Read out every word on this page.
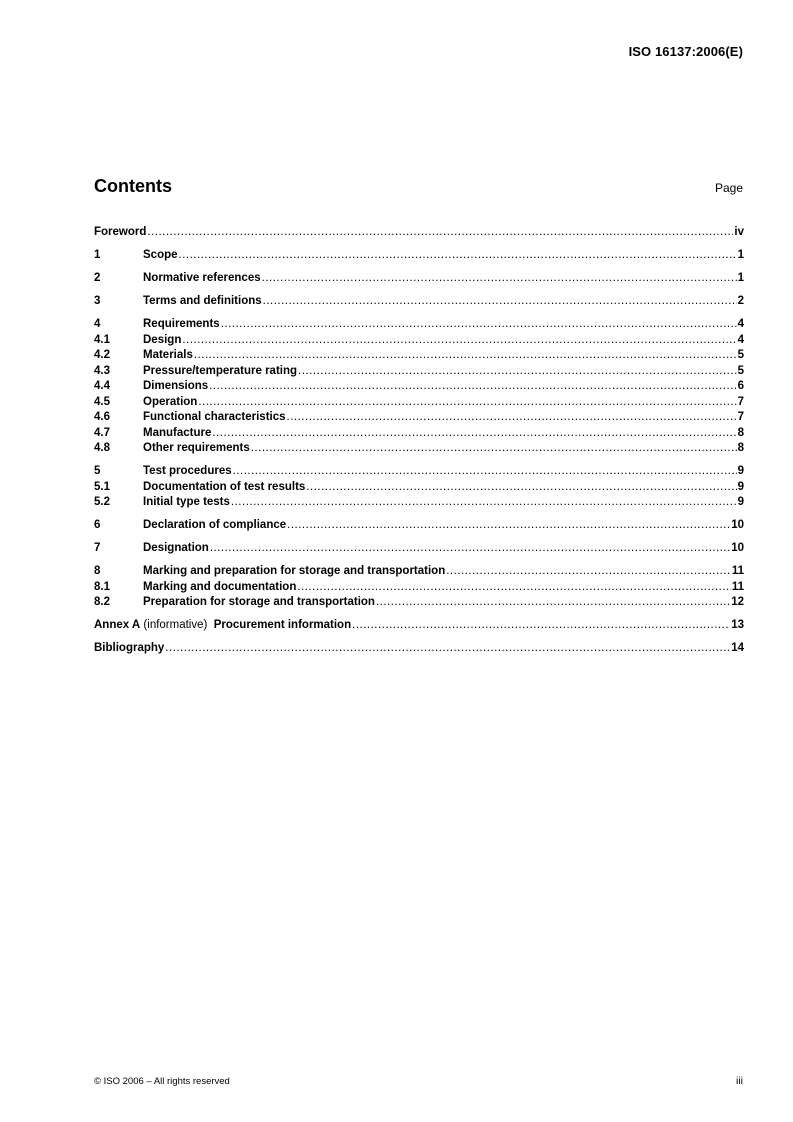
ISO 16137:2006(E)
Contents	Page
Foreword .....	iv
1	Scope .....	1
2	Normative references .....	1
3	Terms and definitions .....	2
4	Requirements .....	4
4.1	Design .....	4
4.2	Materials .....	5
4.3	Pressure/temperature rating .....	5
4.4	Dimensions .....	6
4.5	Operation .....	7
4.6	Functional characteristics .....	7
4.7	Manufacture .....	8
4.8	Other requirements .....	8
5	Test procedures .....	9
5.1	Documentation of test results .....	9
5.2	Initial type tests .....	9
6	Declaration of compliance .....	10
7	Designation .....	10
8	Marking and preparation for storage and transportation .....	11
8.1	Marking and documentation .....	11
8.2	Preparation for storage and transportation .....	12
Annex A (informative) Procurement information .....	13
Bibliography .....	14
© ISO 2006 – All rights reserved	iii
